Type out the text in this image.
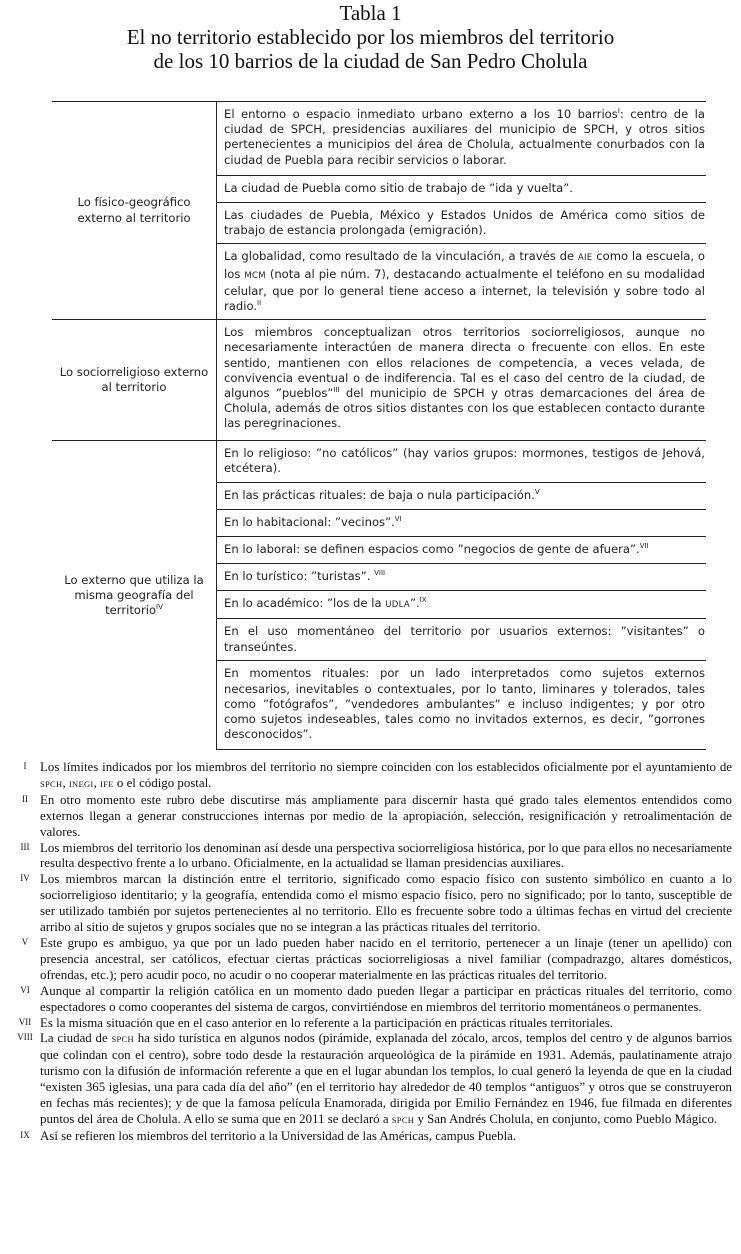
Tabla 1
El no territorio establecido por los miembros del territorio
de los 10 barrios de la ciudad de San Pedro Cholula
Lo físico-geográfico externo al territorio	El entorno o espacio inmediato urbano externo a los 10 barrios$^I$: centro de la ciudad de SPCH, presidencias auxiliares del municipio de SPCH, y otros sitios pertenecientes a municipios del área de Cholula, actualmente conurbados con la ciudad de Puebla para recibir servicios o laborar.
	La ciudad de Puebla como sitio de trabajo de ”ida y vuelta”.
	Las ciudades de Puebla, México y Estados Unidos de América como sitios de trabajo de estancia prolongada (emigración).
	La globalidad, como resultado de la vinculación, a través de AIE como la escuela, o los MCM (nota al pie núm. 7), destacando actualmente el teléfono en su modalidad celular, que por lo general tiene acceso a internet, la televisión y sobre todo al radio.$^{II}$
Lo sociorreligioso externo al territorio	Los miembros conceptualizan otros territorios sociorreligiosos, aunque no necesariamente interactúen de manera directa o frecuente con ellos. En este sentido, mantienen con ellos relaciones de competencia, a veces velada, de convivencia eventual o de indiferencia. Tal es el caso del centro de la ciudad, de algunos ”pueblos”$^{III}$ del municipio de SPCH y otras demarcaciones del área de Cholula, además de otros sitios distantes con los que establecen contacto durante las peregrinaciones.
Lo externo que utiliza la misma geografía del territorio$^{IV}$	En lo religioso: ”no católicos” (hay varios grupos: mormones, testigos de Jehová, etcétera).
	En las prácticas rituales: de baja o nula participación.$^V$
	En lo habitacional: ”vecinos”.$^{VI}$
	En lo laboral: se definen espacios como ”negocios de gente de afuera”.$^{VII}$
	En lo turístico: ”turistas”. $^{VIII}$
	En lo académico: ”los de la UDLA”.$^{IX}$
	En el uso momentáneo del territorio por usuarios externos: ”visitantes” o transeúntes.
	En momentos rituales: por un lado interpretados como sujetos externos necesarios, inevitables o contextuales, por lo tanto, liminares y tolerados, tales como ”fotógrafos”, ”vendedores ambulantes” e incluso indigentes; y por otro como sujetos indeseables, tales como no invitados externos, es decir, ”gorrones desconocidos”.
I	Los límites indicados por los miembros del territorio no siempre coinciden con los establecidos oficialmente por el ayuntamiento de SPCH, INEGI, IFE o el código postal.
II En otro momento este rubro debe discutirse más ampliamente para discernir hasta qué grado tales elementos entendidos como externos llegan a generar construcciones internas por medio de la apropiación, selección, resignificación y retroalimentación de valores.
III Los miembros del territorio los denominan así desde una perspectiva sociorreligiosa histórica, por lo que para ellos no necesariamente resulta despectivo frente a lo urbano. Oficialmente, en la actualidad se llaman presidencias auxiliares.
IV Los miembros marcan la distinción entre el territorio, significado como espacio físico con sustento simbólico en cuanto a lo sociorreligioso identitario; y la geografía, entendida como el mismo espacio físico, pero no significado; por lo tanto, susceptible de ser utilizado también por sujetos pertenecientes al no territorio. Ello es frecuente sobre todo a últimas fechas en virtud del creciente arribo al sitio de sujetos y grupos sociales que no se integran a las prácticas rituales del territorio.
V Este grupo es ambiguo, ya que por un lado pueden haber nacido en el territorio, pertenecer a un linaje (tener un apellido) con presencia ancestral, ser católicos, efectuar ciertas prácticas sociorreligiosas a nivel familiar (compadrazgo, altares domésticos, ofrendas, etc.); pero acudir poco, no acudir o no cooperar materialmente en las prácticas rituales del territorio.
VI Aunque al compartir la religión católica en un momento dado pueden llegar a participar en prácticas rituales del territorio, como espectadores o como cooperantes del sistema de cargos, convirtiéndose en miembros del territorio momentáneos o permanentes.
VII Es la misma situación que en el caso anterior en lo referente a la participación en prácticas rituales territoriales.
VIII La ciudad de SPCH ha sido turística en algunos nodos (pirámide, explanada del zócalo, arcos, templos del centro y de algunos barrios que colindan con el centro), sobre todo desde la restauración arqueológica de la pirámide en 1931. Además, paulatinamente atrajo turismo con la difusión de información referente a que en el lugar abundan los templos, lo cual generó la leyenda de que en la ciudad “existen 365 iglesias, una para cada día del año” (en el territorio hay alrededor de 40 templos “antiguos” y otros que se construyeron en fechas más recientes); y de que la famosa película Enamorada, dirigida por Emilio Fernández en 1946, fue filmada en diferentes puntos del área de Cholula. A ello se suma que en 2011 se declaró a SPCH y San Andrés Cholula, en conjunto, como Pueblo Mágico.
IX Así se refieren los miembros del territorio a la Universidad de las Américas, campus Puebla.
